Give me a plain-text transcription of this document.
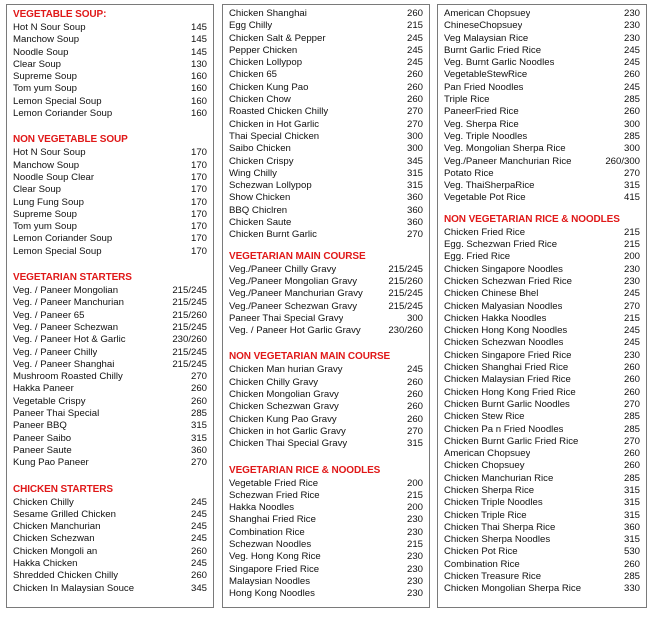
VEGETABLE SOUP:
Hot N Sour Soup	145
Manchow Soup	145
Noodle Soup	145
Clear Soup	130
Supreme Soup	160
Tom yum Soup	160
Lemon Special Soup	160
Lemon Coriander Soup	160
NON VEGETABLE SOUP
Hot N Sour Soup	170
Manchow Soup	170
Noodle Soup Clear	170
Clear Soup	170
Lung Fung Soup	170
Supreme Soup	170
Tom yum Soup	170
Lemon Coriander Soup	170
Lemon Special Soup	170
VEGETARIAN STARTERS
Veg. / Paneer Mongolian	215/245
Veg. / Paneer Manchurian	215/245
Veg. / Paneer 65	215/260
Veg. / Paneer Schezwan	215/245
Veg. / Paneer Hot & Garlic	230/260
Veg. / Paneer Chilly	215/245
Veg. / Paneer Shanghai	215/245
Mushroom Roasted Chilly	270
Hakka Paneer	260
Vegetable Crispy	260
Paneer Thai Special	285
Paneer BBQ	315
Paneer Saibo	315
Paneer Saute	360
Kung Pao Paneer	270
CHICKEN STARTERS
Chicken Chilly	245
Sesame Grilled Chicken	245
Chicken Manchurian	245
Chicken Schezwan	245
Chicken Mongoli an	260
Hakka Chicken	245
Shredded Chicken Chilly	260
Chicken In Malaysian Souce	345
Chicken Shanghai	260
Egg Chilly	215
Chicken Salt & Pepper	245
Pepper Chicken	245
Chicken Lollypop	245
Chicken 65	260
Chicken Kung Pao	260
Chicken Chow	260
Roasted Chicken Chilly	270
Chicken in Hot Garlic	270
Thai Special Chicken	300
Saibo Chicken	300
Chicken Crispy	345
Wing Chilly	315
Schezwan Lollypop	315
Show Chicken	360
BBQ Chiclren	360
Chicken Saute	360
Chicken Burnt Garlic	270
VEGETARIAN MAIN COURSE
Veg./Paneer Chilly Gravy	215/245
Veg./Paneer Mongolian Gravy	215/260
Veg./Paneer Manchurian Gravy	215/245
Veg./Paneer Schezwan Gravy	215/245
Paneer Thai Special Gravy	300
Veg. / Paneer Hot Garlic Gravy	230/260
NON VEGETARIAN MAIN COURSE
Chicken Man hurian Gravy	245
Chicken Chilly Gravy	260
Chicken Mongolian Gravy	260
Chicken Schezwan Gravy	260
Chicken Kung Pao Gravy	260
Chicken in hot Garlic Gravy	270
Chicken Thai Special Gravy	315
VEGETARIAN RICE & NOODLES
Vegetable Fried Rice	200
Schezwan Fried Rice	215
Hakka Noodles	200
Shanghai Fried Rice	230
Combination Rice	230
Schezwan Noodles	215
Veg. Hong Kong Rice	230
Singapore Fried Rice	230
Malaysian Noodles	230
Hong Kong Noodles	230
American Chopsuey	230
ChineseChopsuey	230
Veg Malaysian Rice	230
Burnt Garlic Fried Rice	245
Veg. Burnt Garlic Noodles	245
VegetableStewRice	260
Pan Fried Noodles	245
Triple Rice	285
PaneerFried Rice	260
Veg. Sherpa Rice	300
Veg. Triple Noodles	285
Veg. Mongolian Sherpa Rice	300
Veg./Paneer Manchurian Rice	260/300
Potato Rice	270
Veg. ThaiSherpaRice	315
Vegetable Pot Rice	415
NON VEGETARIAN RICE & NOODLES
Chicken Fried Rice	215
Egg. Schezwan Fried Rice	215
Egg. Fried Rice	200
Chicken Singapore Noodles	230
Chicken Schezwan Fried Rice	230
Chicken Chinese Bhel	245
Chicken Malyasian Noodles	270
Chicken Hakka Noodles	215
Chicken Hong Kong Noodles	245
Chicken Schezwan Noodles	245
Chicken Singapore Fried Rice	230
Chicken Shanghai Fried Rice	260
Chicken Malaysian Fried Rice	260
Chicken Hong Kong Fried Rice	260
Chicken Burnt Garlic Noodles	270
Chicken Stew Rice	285
Chicken Pa n Fried Noodles	285
Chicken Burnt Garlic Fried Rice	270
American Chopsuey	260
Chicken Chopsuey	260
Chicken Manchurian Rice	285
Chicken Sherpa Rice	315
Chicken Triple Noodles	315
Chicken Triple Rice	315
Chicken Thai Sherpa Rice	360
Chicken Sherpa Noodles	315
Chicken Pot Rice	530
Combination Rice	260
Chicken Treasure Rice	285
Chicken Mongolian Sherpa Rice	330
